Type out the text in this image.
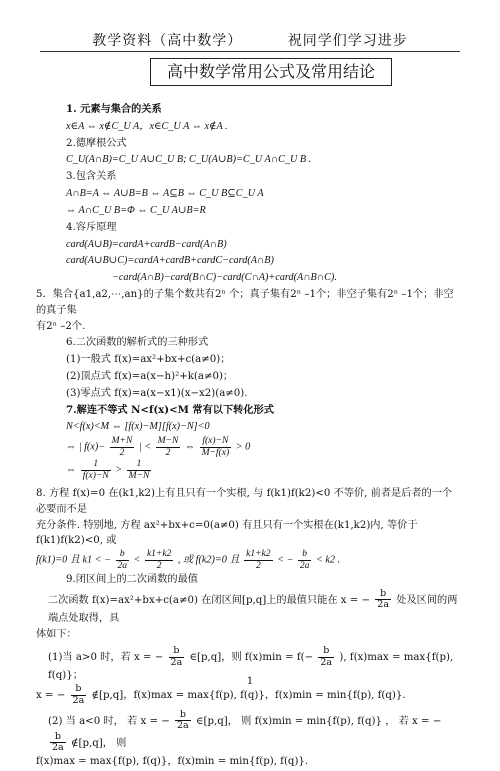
教学资料（高中数学）	祝同学们学习进步
高中数学常用公式及常用结论
1. 元素与集合的关系
x∈A ⇔ x∉C_U A，x∈C_U A ⇔ x∉A .
2.德摩根公式
C_U(A∩B)=C_U A∪C_U B; C_U(A∪B)=C_U A∩C_U B .
3.包含关系
A∩B=A ⇔ A∪B=B ⇔ A⊆B ⇔ C_U B⊆C_U A
⇔ A∩C_U B=Φ ⇔ C_U A∪B=R
4.容斥原理
card(A∪B)=cardA+cardB−card(A∩B)
card(A∪B∪C)=cardA+cardB+cardC−card(A∩B)
−card(A∩B)−card(B∩C)−card(C∩A)+card(A∩B∩C).
5．集合{a1,a2,⋯,an}的子集个数共有2ⁿ 个；真子集有2ⁿ –1个；非空子集有2ⁿ –1个；非空的真子集
有2ⁿ –2个.
6.二次函数的解析式的三种形式
(1)一般式 f(x)=ax²+bx+c(a≠0)；
(2)顶点式 f(x)=a(x−h)²+k(a≠0)；
(3)零点式 f(x)=a(x−x1)(x−x2)(a≠0).
7.解连不等式 N<f(x)<M 常有以下转化形式
N<f(x)<M ⇔ [f(x)−M][f(x)−N]<0
⇔ | $f(x)- \frac{M+N}{2}$ | < $\frac{M-N}{2}$ ⇔ $\frac{f(x)-N}{M-f(x)} > 0$
⇔ $\frac{1}{f(x)-N} > \frac{1}{M-N}$
8. 方程 f(x)=0 在(k1,k2)上有且只有一个实根, 与 f(k1)f(k2)<0 不等价, 前者是后者的一个必要而不是
充分条件. 特别地, 方程 ax²+bx+c=0(a≠0) 有且只有一个实根在(k1,k2)内, 等价于 f(k1)f(k2)<0, 或
f(k1)=0 且 k1 < − $\frac{b}{2a} < \frac{k1+k2}{2}$ , 或 f(k2)=0 且 $\frac{k1+k2}{2}$ < − $\frac{b}{2a} < k2$ .
9.闭区间上的二次函数的最值
二次函数 f(x)=ax²+bx+c(a≠0) 在闭区间[p,q]上的最值只能在 x = − $\frac{b}{2a}$ 处及区间的两端点处取得，具
体如下：
(1)当 a>0 时，若 x = − $\frac{b}{2a}$ ∈[p,q]，则 $f(x)\min = f(- \frac{b}{2a}$ ), f(x)max = max{f(p), f(q)}；
x = − $\frac{b}{2a}$ ∉[p,q]，f(x)max = max{f(p), f(q)}，f(x)min = min{f(p), f(q)}.
(2) 当 a<0 时， 若 x = − $\frac{b}{2a}$ ∈[p,q]， 则 f(x)min = min{f(p), f(q)} ， 若 x = −
$\frac{b}{2a}$ ∉[p,q]， 则
f(x)max = max{f(p), f(q)}，f(x)min = min{f(p), f(q)}.
1
